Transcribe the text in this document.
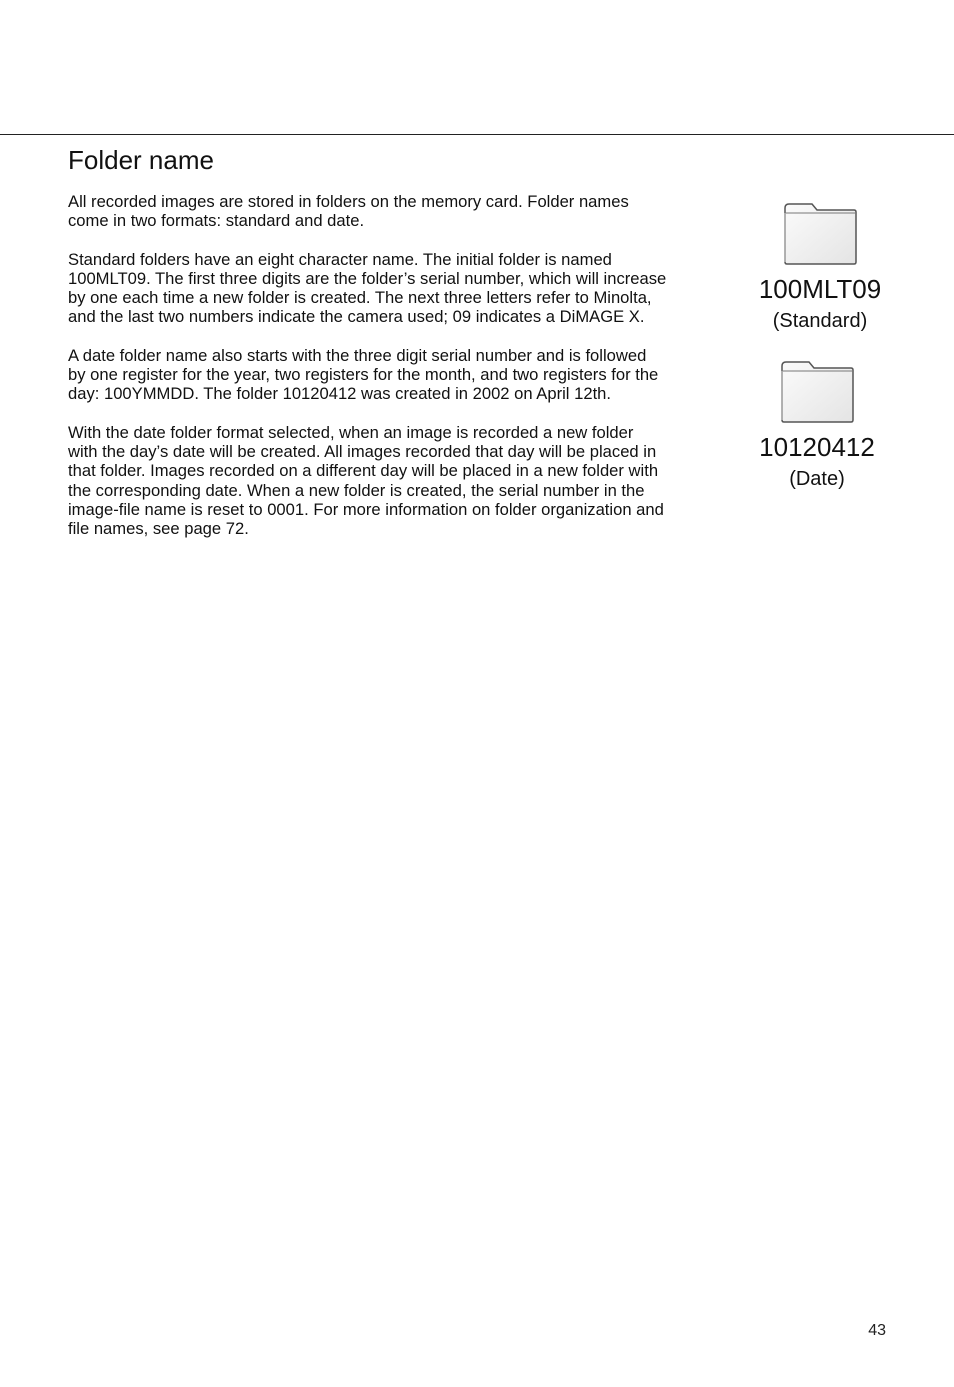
Folder name

All recorded images are stored in folders on the memory card. Folder names
come in two formats: standard and date.

Standard folders have an eight character name. The initial folder is named
100MLT09. The first three digits are the folder’s serial number, which will increase
by one each time a new folder is created. The next three letters refer to Minolta,
and the last two numbers indicate the camera used; 09 indicates a DiMAGE X.

A date folder name also starts with the three digit serial number and is followed
by one register for the year, two registers for the month, and two registers for the
day: 100YMMDD. The folder 10120412 was created in 2002 on April 12th.

With the date folder format selected, when an image is recorded a new folder
with the day’s date will be created. All images recorded that day will be placed in
that folder. Images recorded on a different day will be placed in a new folder with
the corresponding date. When a new folder is created, the serial number in the
image-file name is reset to 0001. For more information on folder organization and
file names, see page 72.

100MLT09
(Standard)
10120412
(Date)
43
